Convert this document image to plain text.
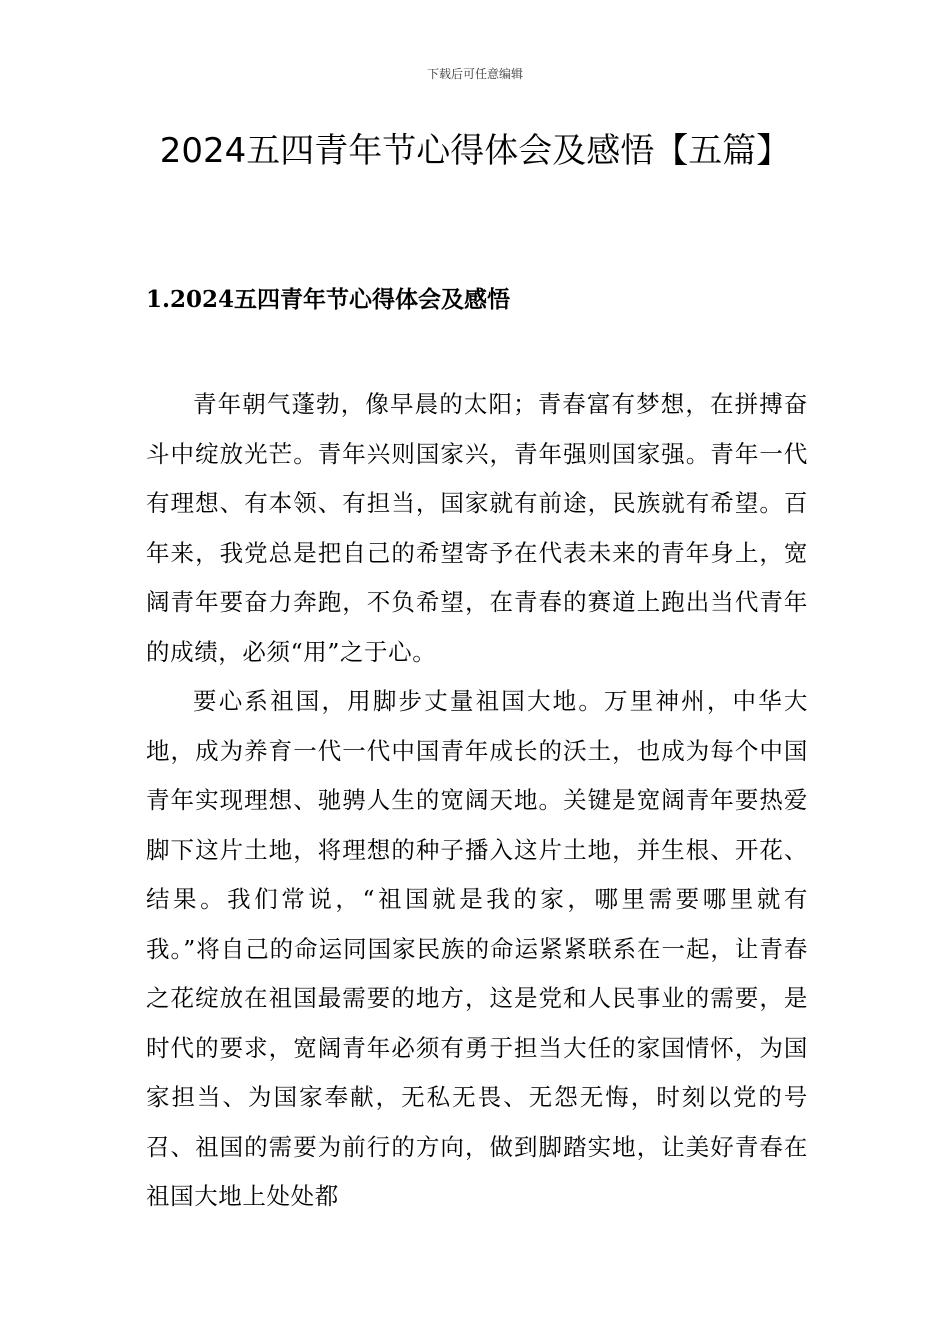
下载后可任意编辑
2024五四青年节心得体会及感悟【五篇】
1.2024五四青年节心得体会及感悟

青年朝气蓬勃，像早晨的太阳；青春富有梦想，在拼搏奋斗中绽放光芒。青年兴则国家兴，青年强则国家强。青年一代有理想、有本领、有担当，国家就有前途，民族就有希望。百年来，我党总是把自己的希望寄予在代表未来的青年身上，宽阔青年要奋力奔跑，不负希望，在青春的赛道上跑出当代青年的成绩，必须“用”之于心。

要心系祖国，用脚步丈量祖国大地。万里神州，中华大地，成为养育一代一代中国青年成长的沃土，也成为每个中国青年实现理想、驰骋人生的宽阔天地。关键是宽阔青年要热爱脚下这片土地，将理想的种子播入这片土地，并生根、开花、结果。我们常说，“祖国就是我的家，哪里需要哪里就有我。”将自己的命运同国家民族的命运紧紧联系在一起，让青春之花绽放在祖国最需要的地方，这是党和人民事业的需要，是时代的要求，宽阔青年必须有勇于担当大任的家国情怀，为国家担当、为国家奉献，无私无畏、无怨无悔，时刻以党的号召、祖国的需要为前行的方向，做到脚踏实地，让美好青春在祖国大地上处处都
